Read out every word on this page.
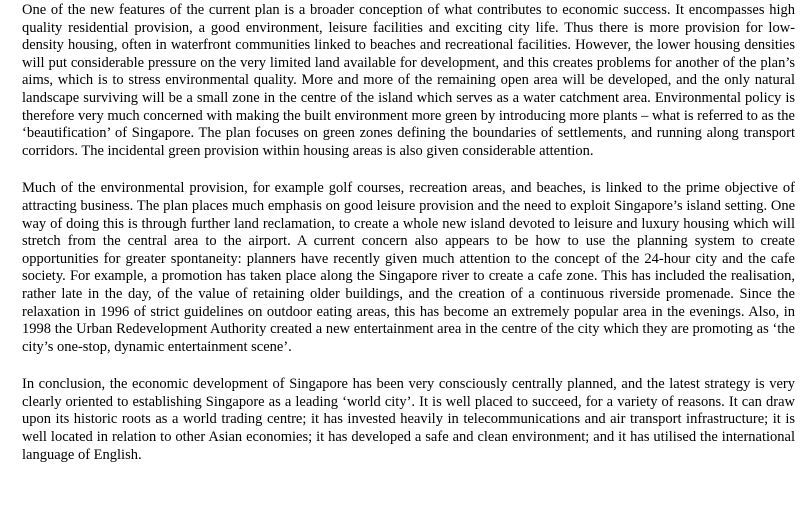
One of the new features of the current plan is a broader conception of what contributes to economic success. It encompasses high quality residential provision, a good environment, leisure facilities and exciting city life. Thus there is more provision for low-density housing, often in waterfront communities linked to beaches and recreational facilities. However, the lower housing densities will put considerable pressure on the very limited land available for development, and this creates problems for another of the plan’s aims, which is to stress environmental quality. More and more of the remaining open area will be developed, and the only natural landscape surviving will be a small zone in the centre of the island which serves as a water catchment area. Environmental policy is therefore very much concerned with making the built environment more green by introducing more plants – what is referred to as the ‘beautification’ of Singapore. The plan focuses on green zones defining the boundaries of settlements, and running along transport corridors. The incidental green provision within housing areas is also given considerable attention.

Much of the environmental provision, for example golf courses, recreation areas, and beaches, is linked to the prime objective of attracting business. The plan places much emphasis on good leisure provision and the need to exploit Singapore’s island setting. One way of doing this is through further land reclamation, to create a whole new island devoted to leisure and luxury housing which will stretch from the central area to the airport. A current concern also appears to be how to use the planning system to create opportunities for greater spontaneity: planners have recently given much attention to the concept of the 24-hour city and the cafe society. For example, a promotion has taken place along the Singapore river to create a cafe zone. This has included the realisation, rather late in the day, of the value of retaining older buildings, and the creation of a continuous riverside promenade. Since the relaxation in 1996 of strict guidelines on outdoor eating areas, this has become an extremely popular area in the evenings. Also, in 1998 the Urban Redevelopment Authority created a new entertainment area in the centre of the city which they are promoting as ‘the city’s one-stop, dynamic entertainment scene’.

In conclusion, the economic development of Singapore has been very consciously centrally planned, and the latest strategy is very clearly oriented to establishing Singapore as a leading ‘world city’. It is well placed to succeed, for a variety of reasons. It can draw upon its historic roots as a world trading centre; it has invested heavily in telecommunications and air transport infrastructure; it is well located in relation to other Asian economies; it has developed a safe and clean environment; and it has utilised the international language of English.
